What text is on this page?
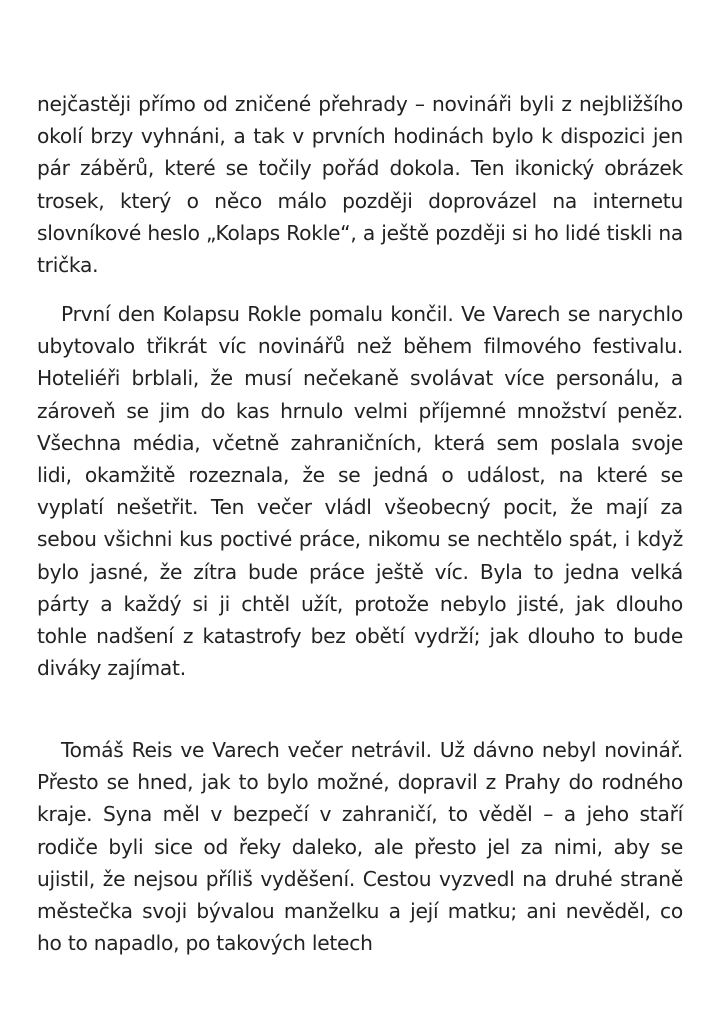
nejčastěji přímo od zničené přehrady – novináři byli z nejbližšího okolí brzy vyhnáni, a tak v prvních hodinách bylo k dispozici jen pár záběrů, které se točily pořád dokola. Ten ikonický obrázek trosek, který o něco málo později doprovázel na internetu slovníkové heslo „Kolaps Rokle“, a ještě později si ho lidé tiskli na trička.

První den Kolapsu Rokle pomalu končil. Ve Varech se narychlo ubytovalo třikrát víc novinářů než během filmového festivalu. Hoteliéři brblali, že musí nečekaně svolávat více personálu, a zároveň se jim do kas hrnulo velmi příjemné množství peněz. Všechna média, včetně zahraničních, která sem poslala svoje lidi, okamžitě rozeznala, že se jedná o událost, na které se vyplatí nešetřit. Ten večer vládl všeobecný pocit, že mají za sebou všichni kus poctivé práce, nikomu se nechtělo spát, i když bylo jasné, že zítra bude práce ještě víc. Byla to jedna velká párty a každý si ji chtěl užít, protože nebylo jisté, jak dlouho tohle nadšení z katastrofy bez obětí vydrží; jak dlouho to bude diváky zajímat.

Tomáš Reis ve Varech večer netrávil. Už dávno nebyl novinář. Přesto se hned, jak to bylo možné, dopravil z Prahy do rodného kraje. Syna měl v bezpečí v zahraničí, to věděl – a jeho staří rodiče byli sice od řeky daleko, ale přesto jel za nimi, aby se ujistil, že nejsou příliš vyděšení. Cestou vyzvedl na druhé straně městečka svoji bývalou manželku a její matku; ani nevěděl, co ho to napadlo, po takových letech
